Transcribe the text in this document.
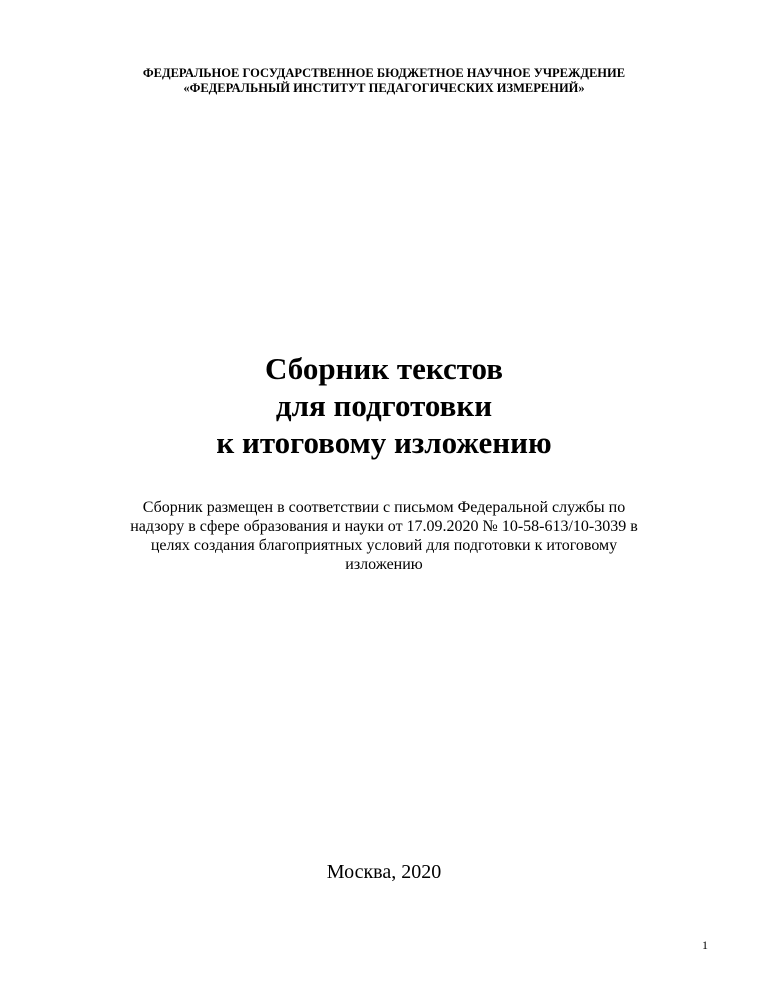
ФЕДЕРАЛЬНОЕ ГОСУДАРСТВЕННОЕ БЮДЖЕТНОЕ НАУЧНОЕ УЧРЕЖДЕНИЕ
«ФЕДЕРАЛЬНЫЙ ИНСТИТУТ ПЕДАГОГИЧЕСКИХ ИЗМЕРЕНИЙ»
Сборник текстов
для подготовки
к итоговому изложению
Сборник размещен в соответствии с письмом Федеральной службы по
надзору в сфере образования и науки от 17.09.2020 № 10-58-613/10-3039 в
целях создания благоприятных условий для подготовки к итоговому
изложению
Москва, 2020
1
